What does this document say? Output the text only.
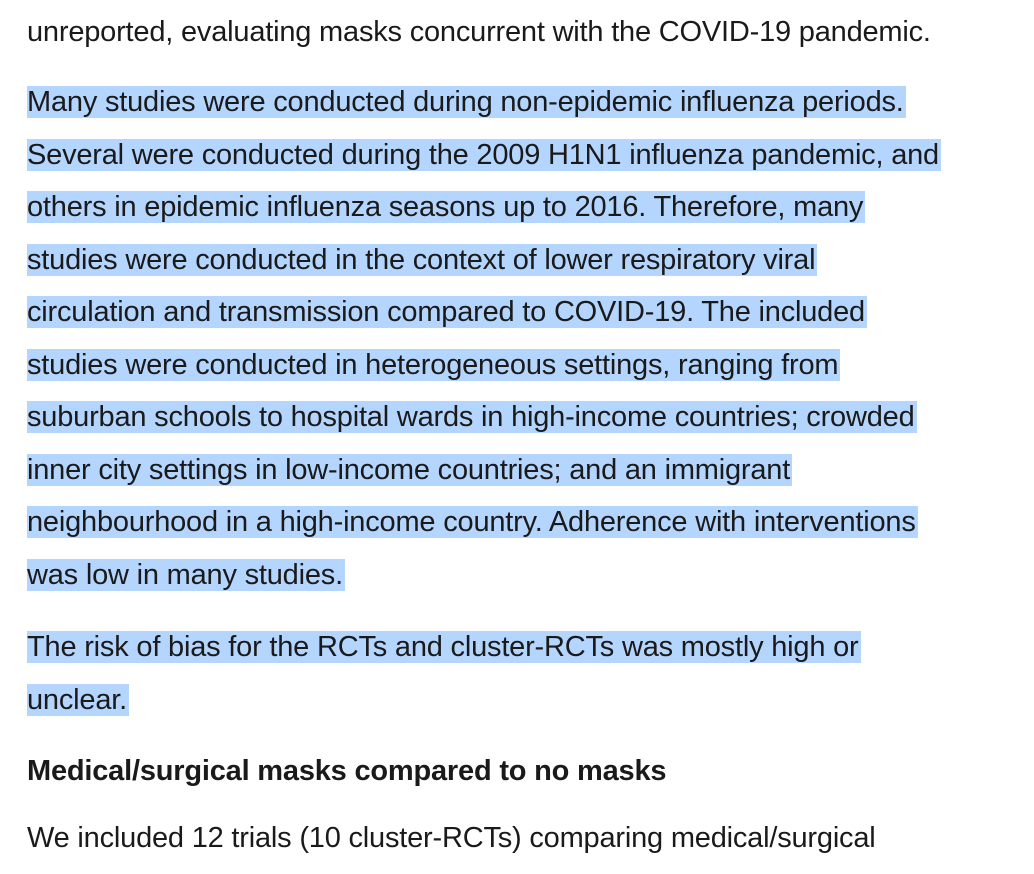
unreported, evaluating masks concurrent with the COVID-19 pandemic.

Many studies were conducted during non-epidemic influenza periods.
Several were conducted during the 2009 H1N1 influenza pandemic, and
others in epidemic influenza seasons up to 2016. Therefore, many
studies were conducted in the context of lower respiratory viral
circulation and transmission compared to COVID-19. The included
studies were conducted in heterogeneous settings, ranging from
suburban schools to hospital wards in high-income countries; crowded
inner city settings in low-income countries; and an immigrant
neighbourhood in a high-income country. Adherence with interventions
was low in many studies.

The risk of bias for the RCTs and cluster-RCTs was mostly high or
unclear.

Medical/surgical masks compared to no masks

We included 12 trials (10 cluster-RCTs) comparing medical/surgical
